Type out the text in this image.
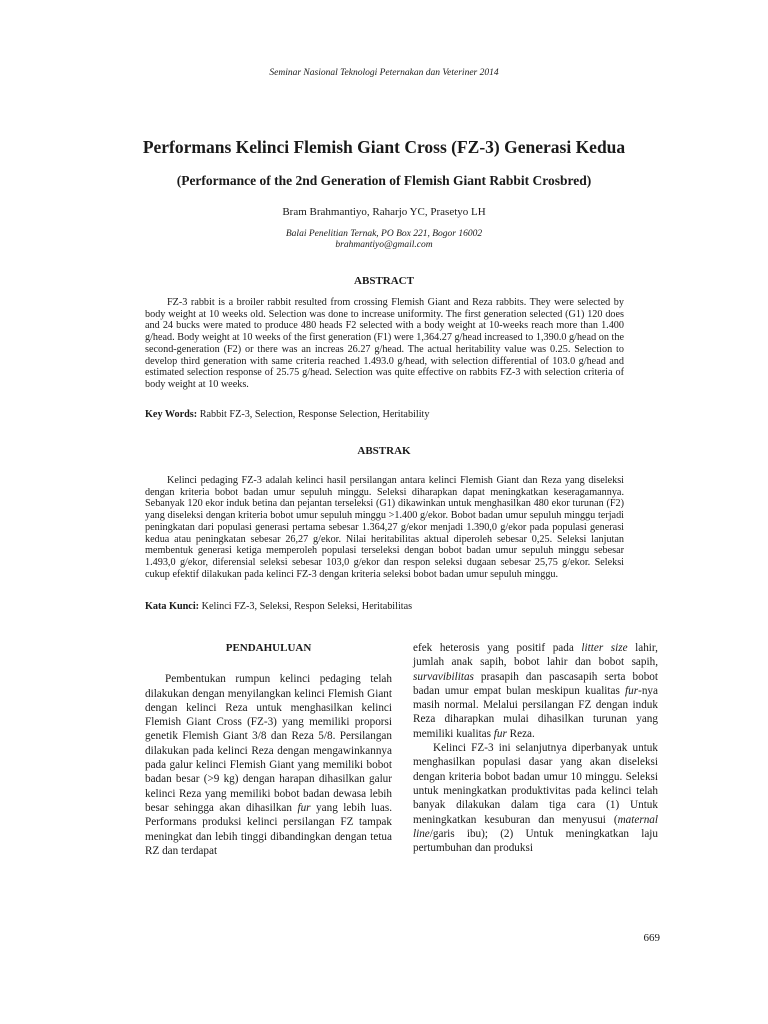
Seminar Nasional Teknologi Peternakan dan Veteriner 2014
Performans Kelinci Flemish Giant Cross (FZ-3) Generasi Kedua
(Performance of the 2nd Generation of Flemish Giant Rabbit Crosbred)
Bram Brahmantiyo, Raharjo YC, Prasetyo LH
Balai Penelitian Ternak, PO Box 221, Bogor 16002
brahmantiyo@gmail.com
ABSTRACT

FZ-3 rabbit is a broiler rabbit resulted from crossing Flemish Giant and Reza rabbits. They were selected by body weight at 10 weeks old. Selection was done to increase uniformity. The first generation selected (G1) 120 does and 24 bucks were mated to produce 480 heads F2 selected with a body weight at 10-weeks reach more than 1.400 g/head. Body weight at 10 weeks of the first generation (F1) were 1,364.27 g/head increased to 1,390.0 g/head on the second-generation (F2) or there was an increas 26.27 g/head. The actual heritability value was 0.25. Selection to develop third generation with same criteria reached 1.493.0 g/head, with selection differential of 103.0 g/head and estimated selection response of 25.75 g/head. Selection was quite effective on rabbits FZ-3 with selection criteria of body weight at 10 weeks.

Key Words: Rabbit FZ-3, Selection, Response Selection, Heritability

ABSTRAK

Kelinci pedaging FZ-3 adalah kelinci hasil persilangan antara kelinci Flemish Giant dan Reza yang diseleksi dengan kriteria bobot badan umur sepuluh minggu. Seleksi diharapkan dapat meningkatkan keseragamannya. Sebanyak 120 ekor induk betina dan pejantan terseleksi (G1) dikawinkan untuk menghasilkan 480 ekor turunan (F2) yang diseleksi dengan kriteria bobot umur sepuluh minggu >1.400 g/ekor. Bobot badan umur sepuluh minggu terjadi peningkatan dari populasi generasi pertama sebesar 1.364,27 g/ekor menjadi 1.390,0 g/ekor pada populasi generasi kedua atau peningkatan sebesar 26,27 g/ekor. Nilai heritabilitas aktual diperoleh sebesar 0,25. Seleksi lanjutan membentuk generasi ketiga memperoleh populasi terseleksi dengan bobot badan umur sepuluh minggu sebesar 1.493,0 g/ekor, diferensial seleksi sebesar 103,0 g/ekor dan respon seleksi dugaan sebesar 25,75 g/ekor. Seleksi cukup efektif dilakukan pada kelinci FZ-3 dengan kriteria seleksi bobot badan umur sepuluh minggu.

Kata Kunci: Kelinci FZ-3, Seleksi, Respon Seleksi, Heritabilitas

PENDAHULUAN

Pembentukan rumpun kelinci pedaging telah dilakukan dengan menyilangkan kelinci Flemish Giant dengan kelinci Reza untuk menghasilkan kelinci Flemish Giant Cross (FZ-3) yang memiliki proporsi genetik Flemish Giant 3/8 dan Reza 5/8. Persilangan dilakukan pada kelinci Reza dengan mengawinkannya pada galur kelinci Flemish Giant yang memiliki bobot badan besar (>9 kg) dengan harapan dihasilkan galur kelinci Reza yang memiliki bobot badan dewasa lebih besar sehingga akan dihasilkan fur yang lebih luas. Performans produksi kelinci persilangan FZ tampak meningkat dan lebih tinggi dibandingkan dengan tetua RZ dan terdapat

efek heterosis yang positif pada litter size lahir, jumlah anak sapih, bobot lahir dan bobot sapih, survavibilitas prasapih dan pascasapih serta bobot badan umur empat bulan meskipun kualitas fur-nya masih normal. Melalui persilangan FZ dengan induk Reza diharapkan mulai dihasilkan turunan yang memiliki kualitas fur Reza.

Kelinci FZ-3 ini selanjutnya diperbanyak untuk menghasilkan populasi dasar yang akan diseleksi dengan kriteria bobot badan umur 10 minggu. Seleksi untuk meningkatkan produktivitas pada kelinci telah banyak dilakukan dalam tiga cara (1) Untuk meningkatkan kesuburan dan menyusui (maternal line/garis ibu); (2) Untuk meningkatkan laju pertumbuhan dan produksi

669
